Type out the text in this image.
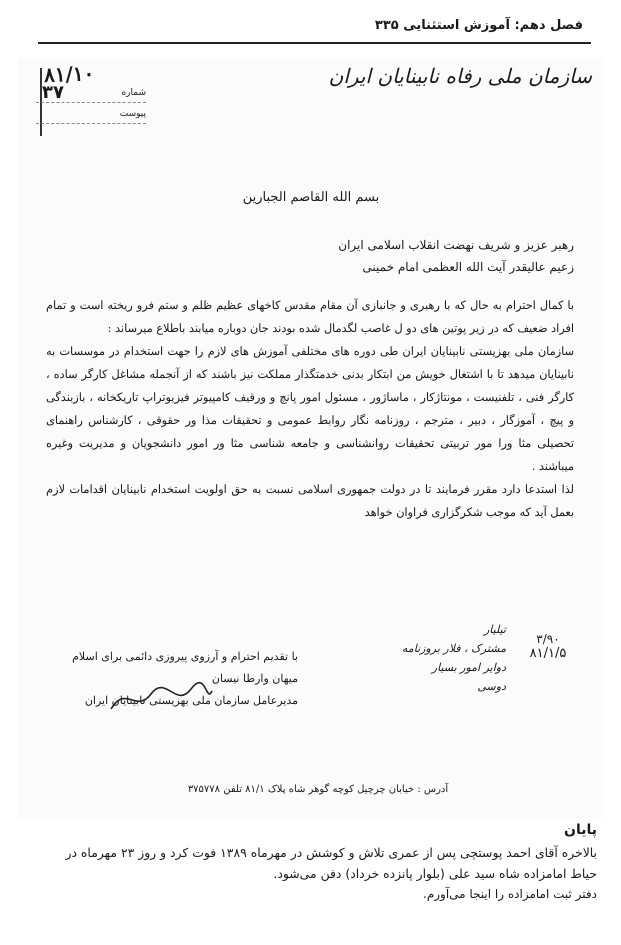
فصل دهم: آموزش استثنایی ۳۳۵
سازمان ملی رفاه نابینایان ایران
۸۱/۱۰
شماره
۳۷
پیوست
بسم الله القاصم الجبارین
رهبر عزیز و شریف نهضت انقلاب اسلامی ایران
زعیم عالیقدر آیت الله العظمی امام خمینی
با کمال احترام به حال که با رهبری و جانبازی آن مقام مقدس کاخهای عظیم ظلم و ستم فرو ریخته است و تمام افراد ضعیف که در زیر پوتین های دو ل غاصب لگدمال شده بودند جان دوباره میابند باطلاع میرساند :
سازمان ملی بهزیستی نابینایان ایران طی دوره های مختلفی آموزش های لازم را جهت استخدام در موسسات به نابینایان میدهد تا با اشتغال خویش من ابتکار بدنی خدمتگذار مملکت نیز باشند که از آنجمله مشاغل کارگر ساده ، کارگر فنی ، تلفنیست ، مونتاژکار ، ماساژور ، مسئول امور پانچ و ورقیف کامپیوتر فیزیوتراپ تاریکخانه ، بازبندگی و پیچ ، آموزگار ، دبیر ، مترجم ، روزنامه نگار روابط عمومی و تحقیقات مذا ور حقوقی ، کارشناس راهنمای تحصیلی مثا ورا مور تربیتی تحقیقات روانشناسی و جامعه شناسی مثا ور امور دانشجویان و مدیریت وغیره میباشند .
لذا استدعا دارد مقرر فرمایند تا در دولت جمهوری اسلامی نسبت به حق اولویت استخدام نابینایان اقدامات لازم بعمل آید که موجب شکرگزاری فراوان خواهد
با تقدیم احترام و آرزوی پیروزی دائمی برای اسلام
میهان وارطا نیسان
مدیرعامل سازمان ملی بهزیستی نابینایان ایران
۳/۹۰
۸۱/۱/۵
تیلیار
مشترک ، فلار بروزنامه
دوایر امور بسیار
دوسی
آدرس : خیابان چرچیل کوچه گوهر شاه پلاک ۸۱/۱ تلفن ۳۷۵۷۷۸
پایان
بالاخره آقای احمد پوستچی پس از عمری تلاش و کوشش در مهرماه ۱۳۸۹ فوت کرد و روز ۲۳ مهرماه در حیاط امامزاده شاه سید علی (بلوار پانزده خرداد) دفن می‌شود.
دفتر ثبت امامزاده را اینجا می‌آورم.
